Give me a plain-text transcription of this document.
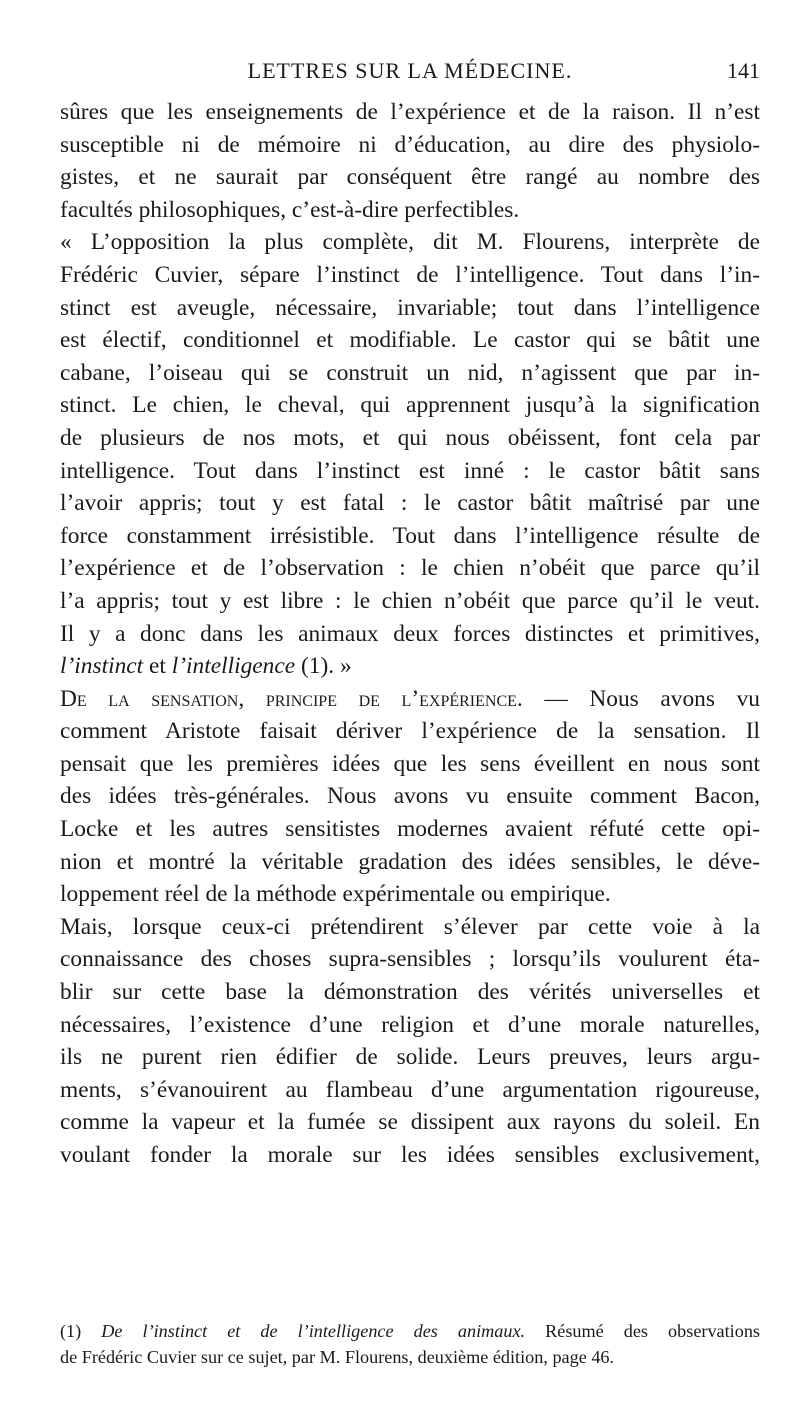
LETTRES SUR LA MÉDECINE.	141
sûres que les enseignements de l’expérience et de la raison. Il n’est
susceptible ni de mémoire ni d’éducation, au dire des physiolo-
gistes, et ne saurait par conséquent être rangé au nombre des
facultés philosophiques, c’est-à-dire perfectibles.
« L’opposition la plus complète, dit M. Flourens, interprète de
Frédéric Cuvier, sépare l’instinct de l’intelligence. Tout dans l’in-
stinct est aveugle, nécessaire, invariable; tout dans l’intelligence
est électif, conditionnel et modifiable. Le castor qui se bâtit une
cabane, l’oiseau qui se construit un nid, n’agissent que par in-
stinct. Le chien, le cheval, qui apprennent jusqu’à la signification
de plusieurs de nos mots, et qui nous obéissent, font cela par
intelligence. Tout dans l’instinct est inné : le castor bâtit sans
l’avoir appris; tout y est fatal : le castor bâtit maîtrisé par une
force constamment irrésistible. Tout dans l’intelligence résulte de
l’expérience et de l’observation : le chien n’obéit que parce qu’il
l’a appris; tout y est libre : le chien n’obéit que parce qu’il le veut.
Il y a donc dans les animaux deux forces distinctes et primitives,
l’instinct et l’intelligence (1). »
De la sensation, principe de l’expérience. — Nous avons vu
comment Aristote faisait dériver l’expérience de la sensation. Il
pensait que les premières idées que les sens éveillent en nous sont
des idées très-générales. Nous avons vu ensuite comment Bacon,
Locke et les autres sensitistes modernes avaient réfuté cette opi-
nion et montré la véritable gradation des idées sensibles, le déve-
loppement réel de la méthode expérimentale ou empirique.
Mais, lorsque ceux-ci prétendirent s’élever par cette voie à la
connaissance des choses supra-sensibles ; lorsqu’ils voulurent éta-
blir sur cette base la démonstration des vérités universelles et
nécessaires, l’existence d’une religion et d’une morale naturelles,
ils ne purent rien édifier de solide. Leurs preuves, leurs argu-
ments, s’évanouirent au flambeau d’une argumentation rigoureuse,
comme la vapeur et la fumée se dissipent aux rayons du soleil. En
voulant fonder la morale sur les idées sensibles exclusivement,
(1) De l’instinct et de l’intelligence des animaux. Résumé des observations
de Frédéric Cuvier sur ce sujet, par M. Flourens, deuxième édition, page 46.
